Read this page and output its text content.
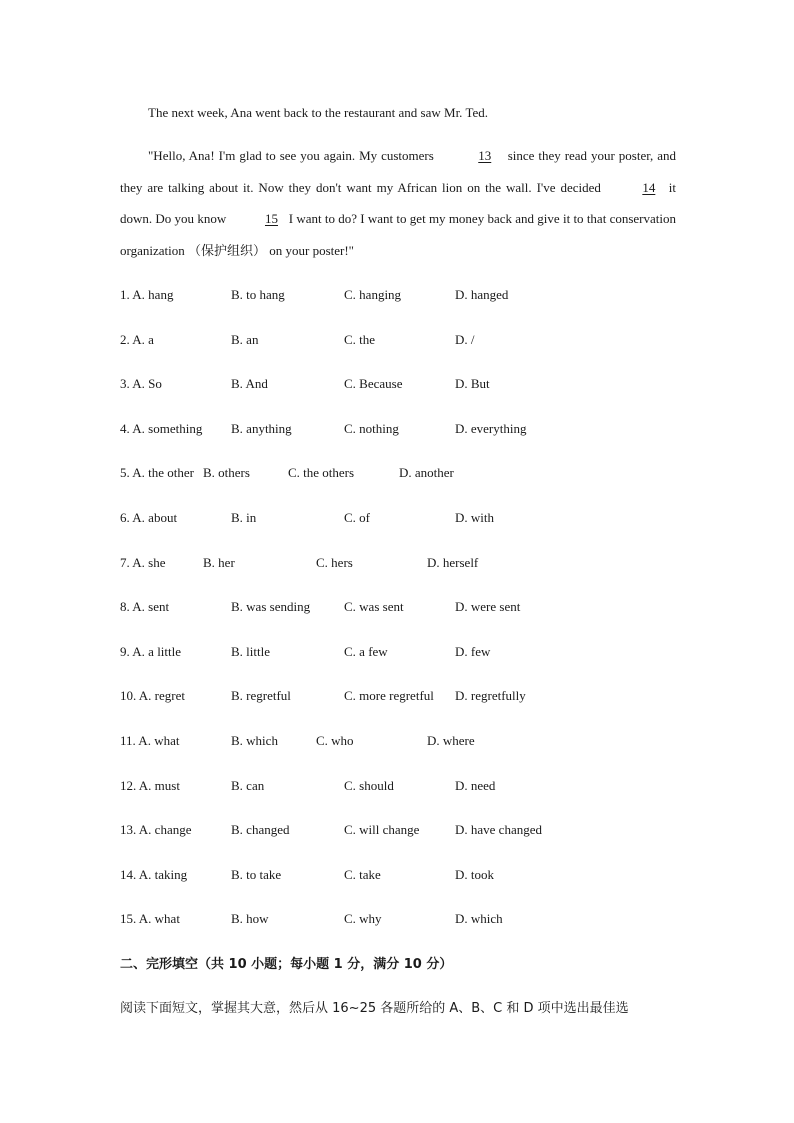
The next week, Ana went back to the restaurant and saw Mr. Ted.
"Hello, Ana! I'm glad to see you again. My customers	13 since they read your poster, and they are talking about it. Now they don't want my African lion on the wall. I've decided	14 it down. Do you know	15 I want to do? I want to get my money back and give it to that conservation organization （保护组织） on your poster!"
1. A. hang	B. to hang	C. hanging	D. hanged
2. A. a	B. an	C. the	D. /
3. A. So	B. And	C. Because	D. But
4. A. something B. anything	C. nothing	D. everything
5. A. the other B. others	C. the others	D. another
6. A. about	B. in	C. of	D. with
7. A. she	B. her	C. hers	D. herself
8. A. sent	B. was sending	C. was sent	D. were sent
9. A. a little	B. little	C. a few	D. few
10. A. regret	B. regretful	C. more regretful D. regretfully
11. A. what	B. which	C. who	D. where
12. A. must	B. can	C. should	D. need
13. A. change	B. changed	C. will change	D. have changed
14. A. taking	B. to take	C. take	D. took
15. A. what	B. how	C. why	D. which
二、完形填空（共 10 小题；每小题 1 分，满分 10 分）
阅读下面短文，掌握其大意，然后从 16~25 各题所给的 A、B、C 和 D 项中选出最佳选
